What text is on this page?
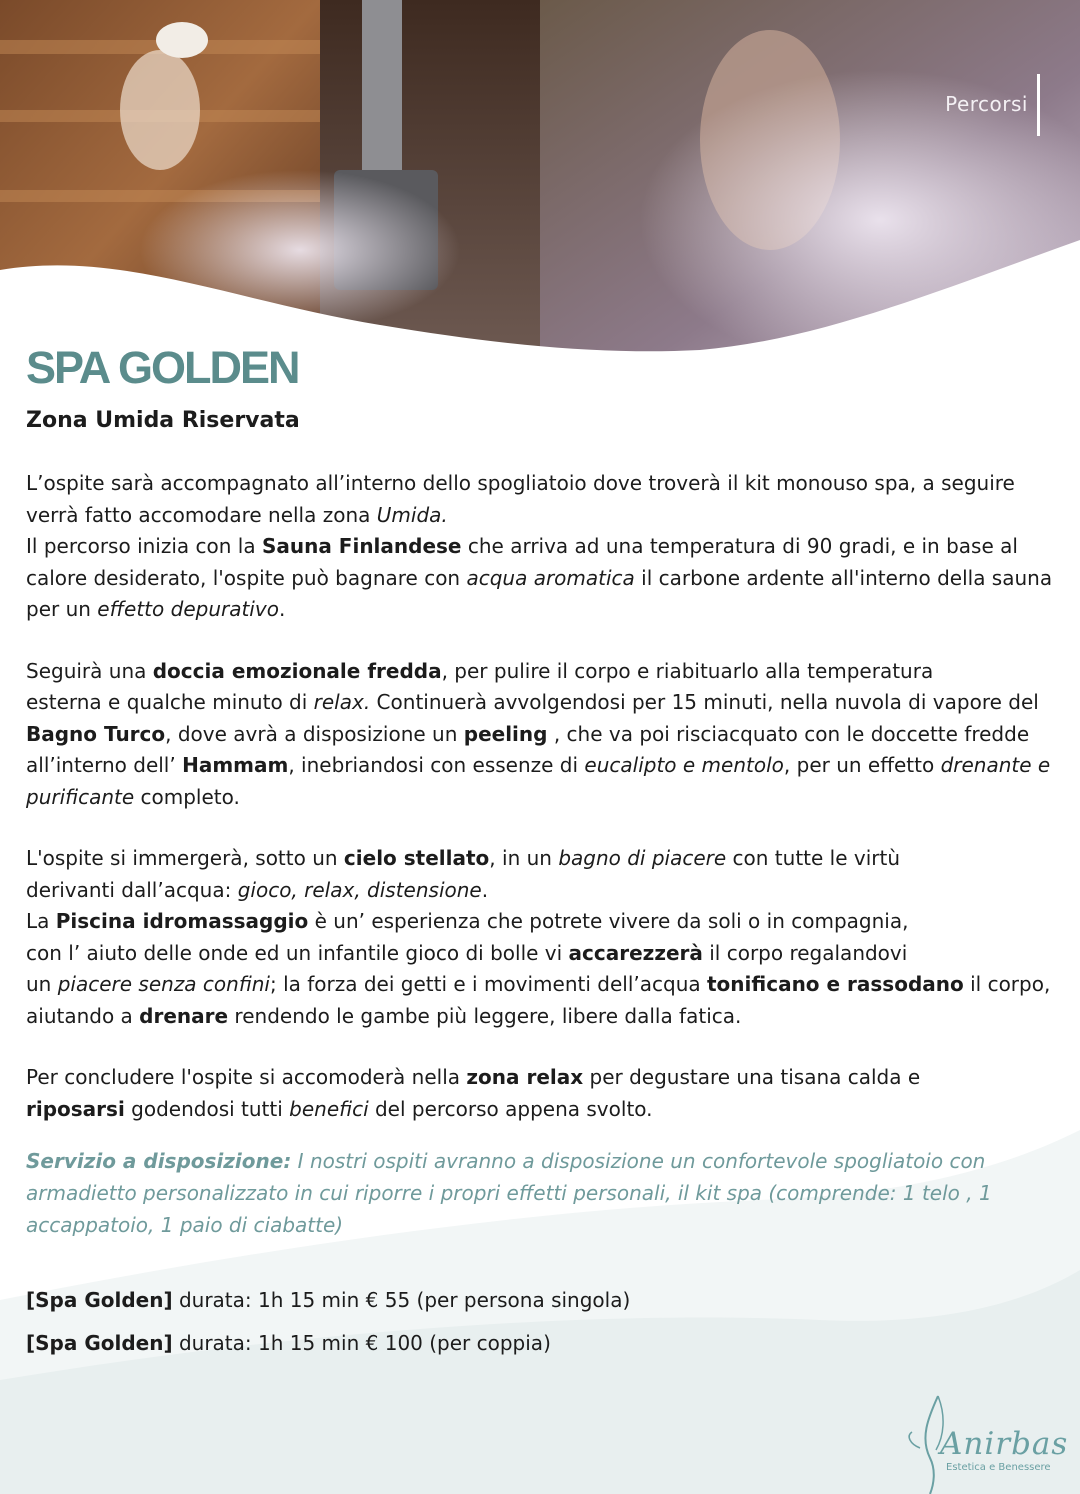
Percorsi
SPA GOLDEN
Zona Umida Riservata

L’ospite sarà accompagnato all’interno dello spogliatoio dove troverà il kit monouso spa, a seguire verrà fatto accomodare nella zona Umida.
Il percorso inizia con la Sauna Finlandese che arriva ad una temperatura di 90 gradi, e in base al calore desiderato, l'ospite può bagnare con acqua aromatica il carbone ardente all'interno della sauna per un effetto depurativo.

Seguirà una doccia emozionale fredda, per pulire il corpo e riabituarlo alla temperatura
esterna e qualche minuto di relax. Continuerà avvolgendosi per 15 minuti, nella nuvola di vapore del Bagno Turco, dove avrà a disposizione un peeling , che va poi risciacquato con le doccette fredde all’interno dell’ Hammam, inebriandosi con essenze di eucalipto e mentolo, per un effetto drenante e purificante completo.

L'ospite si immergerà, sotto un cielo stellato, in un bagno di piacere con tutte le virtù
derivanti dall’acqua: gioco, relax, distensione.
La Piscina idromassaggio è un’ esperienza che potrete vivere da soli o in compagnia,
con l’ aiuto delle onde ed un infantile gioco di bolle vi accarezzerà il corpo regalandovi
un piacere senza confini; la forza dei getti e i movimenti dell’acqua tonificano e rassodano il corpo, aiutando a drenare rendendo le gambe più leggere, libere dalla fatica.

Per concludere l'ospite si accomoderà nella zona relax per degustare una tisana calda e
riposarsi godendosi tutti benefici del percorso appena svolto.

Servizio a disposizione: I nostri ospiti avranno a disposizione un confortevole spogliatoio con armadietto personalizzato in cui riporre i propri effetti personali, il kit spa (comprende: 1 telo , 1 accappatoio, 1 paio di ciabatte)

[Spa Golden] durata: 1h 15 min € 55 (per persona singola)

[Spa Golden] durata: 1h 15 min € 100 (per coppia)

Anirbas
Estetica e Benessere
